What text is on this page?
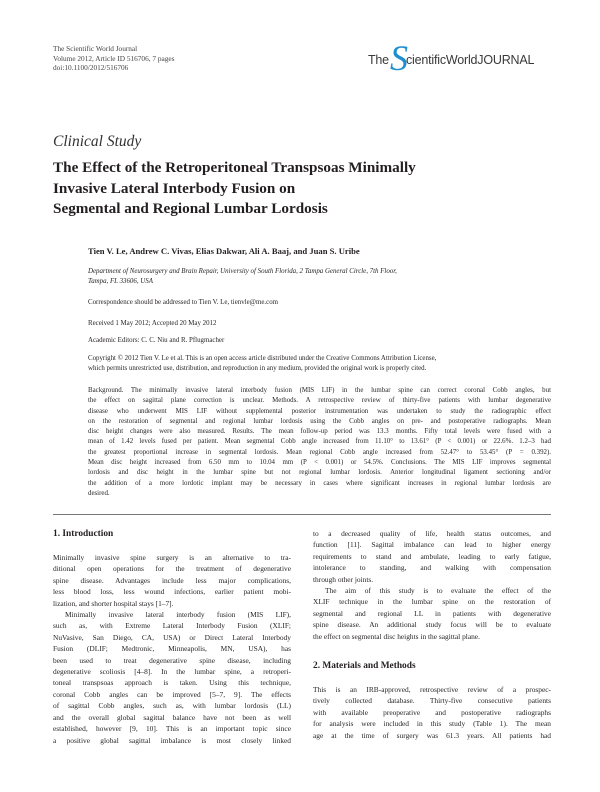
The Scientific World Journal
Volume 2012, Article ID 516706, 7 pages
doi:10.1100/2012/516706
The S
cientificWorldJOURNAL
Clinical Study
The Effect of the Retroperitoneal Transpsoas Minimally
Invasive Lateral Interbody Fusion on
Segmental and Regional Lumbar Lordosis
Tien V. Le, Andrew C. Vivas, Elias Dakwar, Ali A. Baaj, and Juan S. Uribe
Department of Neurosurgery and Brain Repair, University of South Florida, 2 Tampa General Circle, 7th Floor,
Tampa, FL 33606, USA
Correspondence should be addressed to Tien V. Le, tienvle@me.com
Received 1 May 2012; Accepted 20 May 2012
Academic Editors: C. C. Niu and R. Pflugmacher
Copyright © 2012 Tien V. Le et al. This is an open access article distributed under the Creative Commons Attribution License,
which permits unrestricted use, distribution, and reproduction in any medium, provided the original work is properly cited.
Background. The minimally invasive lateral interbody fusion (MIS LIF) in the lumbar spine can correct coronal Cobb angles, but
the effect on sagittal plane correction is unclear. Methods. A retrospective review of thirty-five patients with lumbar degenerative
disease who underwent MIS LIF without supplemental posterior instrumentation was undertaken to study the radiographic effect
on the restoration of segmental and regional lumbar lordosis using the Cobb angles on pre- and postoperative radiographs. Mean
disc height changes were also measured. Results. The mean follow-up period was 13.3 months. Fifty total levels were fused with a
mean of 1.42 levels fused per patient. Mean segmental Cobb angle increased from 11.10° to 13.61° (P < 0.001) or 22.6%. 1.2–3 had
the greatest proportional increase in segmental lordosis. Mean regional Cobb angle increased from 52.47° to 53.45° (P = 0.392).
Mean disc height increased from 6.50 mm to 10.04 mm (P < 0.001) or 54.5%. Conclusions. The MIS LIF improves segmental
lordosis and disc height in the lumbar spine but not regional lumbar lordosis. Anterior longitudinal ligament sectioning and/or
the addition of a more lordotic implant may be necessary in cases where significant increases in regional lumbar lordosis are
desired.
1. Introduction
Minimally invasive spine surgery is an alternative to tra-
ditional open operations for the treatment of degenerative
spine disease. Advantages include less major complications,
less blood loss, less wound infections, earlier patient mobi-
lization, and shorter hospital stays [1–7].
Minimally invasive lateral interbody fusion (MIS LIF),
such as, with Extreme Lateral Interbody Fusion (XLIF;
NuVasive, San Diego, CA, USA) or Direct Lateral Interbody
Fusion (DLIF; Medtronic, Minneapolis, MN, USA), has
been used to treat degenerative spine disease, including
degenerative scoliosis [4–8]. In the lumbar spine, a retroperi-
toneal transpsoas approach is taken. Using this technique,
coronal Cobb angles can be improved [5–7, 9]. The effects
of sagittal Cobb angles, such as, with lumbar lordosis (LL)
and the overall global sagittal balance have not been as well
established, however [9, 10]. This is an important topic since
a positive global sagittal imbalance is most closely linked
to a decreased quality of life, health status outcomes, and
function [11]. Sagittal imbalance can lead to higher energy
requirements to stand and ambulate, leading to early fatigue,
intolerance to standing, and walking with compensation
through other joints.
The aim of this study is to evaluate the effect of the
XLIF technique in the lumbar spine on the restoration of
segmental and regional LL in patients with degenerative
spine disease. An additional study focus will be to evaluate
the effect on segmental disc heights in the sagittal plane.
2. Materials and Methods
This is an IRB-approved, retrospective review of a prospec-
tively collected database. Thirty-five consecutive patients
with available preoperative and postoperative radiographs
for analysis were included in this study (Table 1). The mean
age at the time of surgery was 61.3 years. All patients had
